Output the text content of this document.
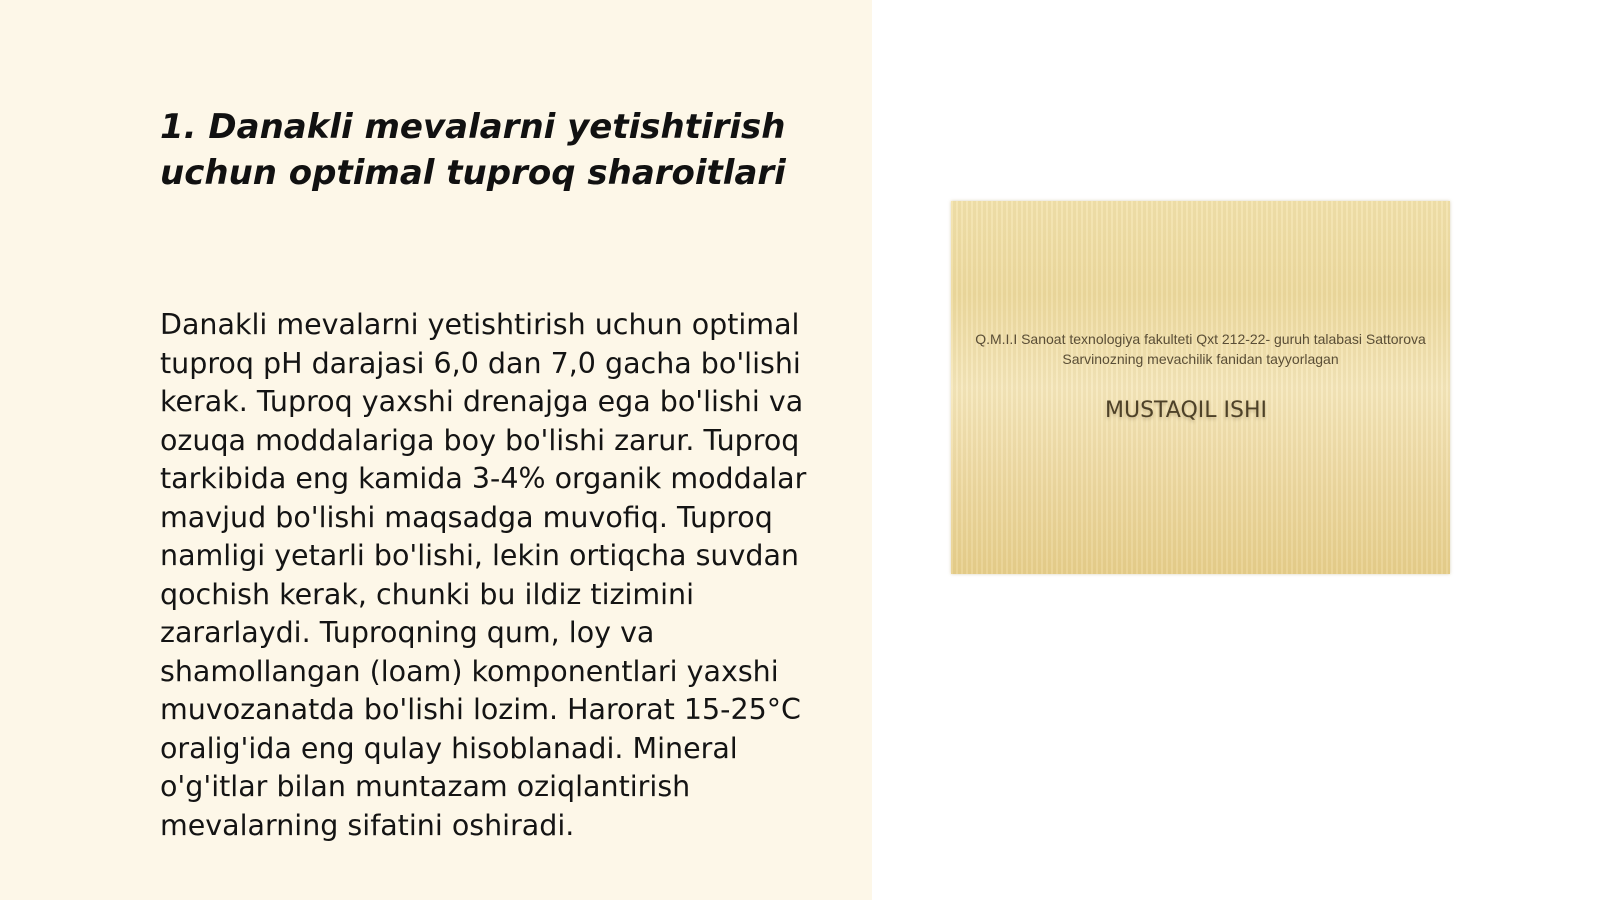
1. Danakli mevalarni yetishtirish uchun optimal tuproq sharoitlari

Danakli mevalarni yetishtirish uchun optimal tuproq pH darajasi 6,0 dan 7,0 gacha bo'lishi kerak. Tuproq yaxshi drenajga ega bo'lishi va ozuqa moddalariga boy bo'lishi zarur. Tuproq tarkibida eng kamida 3-4% organik moddalar mavjud bo'lishi maqsadga muvofiq. Tuproq namligi yetarli bo'lishi, lekin ortiqcha suvdan qochish kerak, chunki bu ildiz tizimini zararlaydi. Tuproqning qum, loy va shamollangan (loam) komponentlari yaxshi muvozanatda bo'lishi lozim. Harorat 15-25°C oralig'ida eng qulay hisoblanadi. Mineral o'g'itlar bilan muntazam oziqlantirish mevalarning sifatini oshiradi.

Q.M.I.I Sanoat texnologiya fakulteti Qxt 212-22- guruh talabasi Sattorova Sarvinozning mevachilik fanidan tayyorlagan

MUSTAQIL ISHI
